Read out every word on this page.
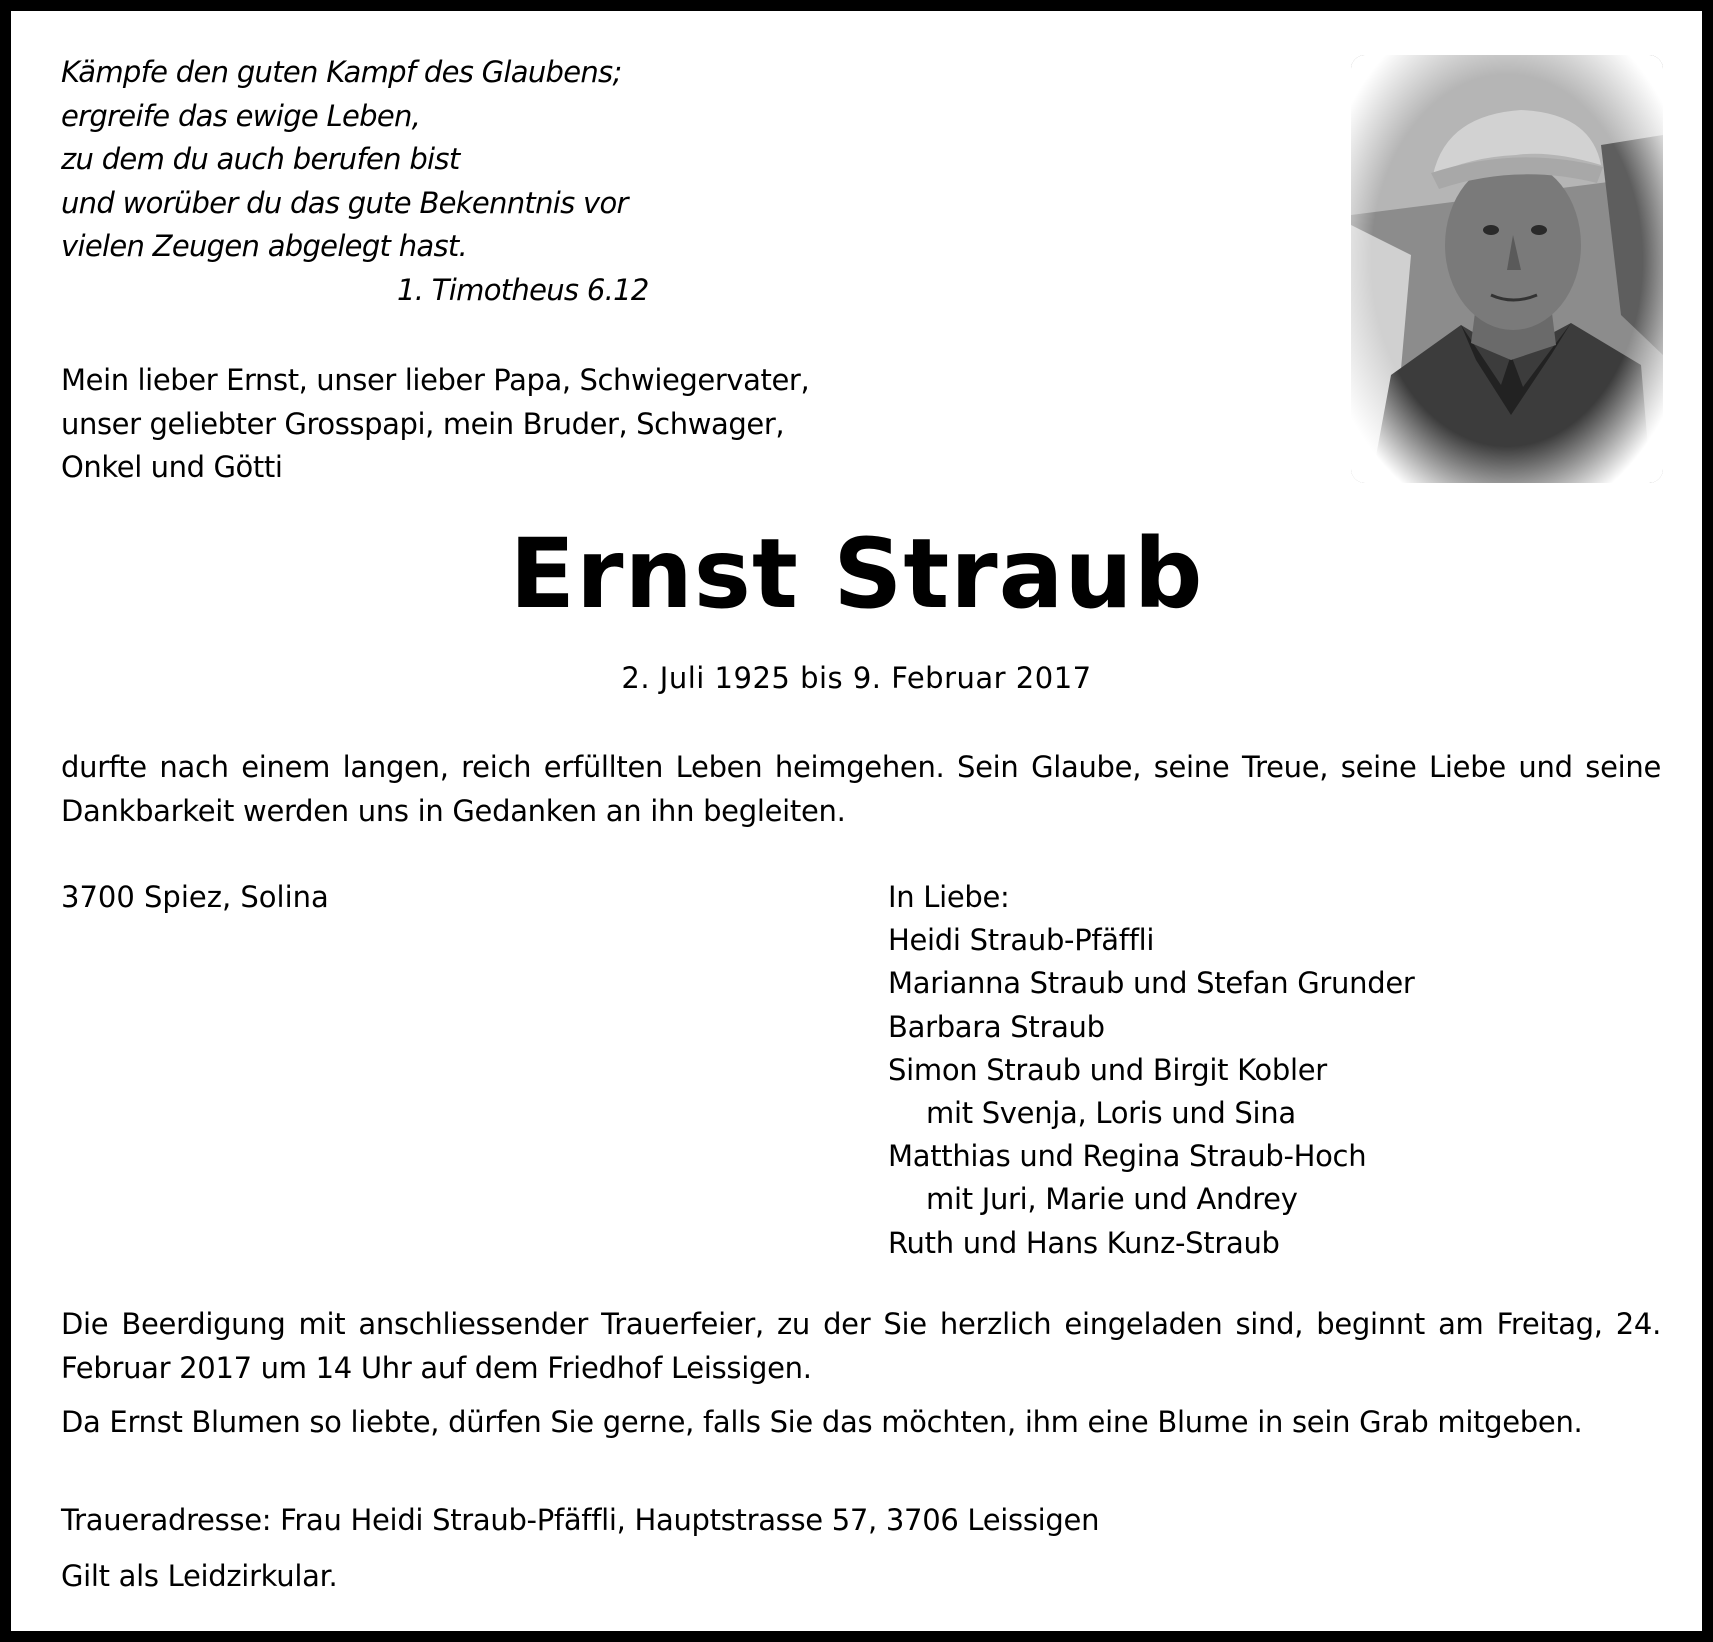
Kämpfe den guten Kampf des Glaubens;
ergreife das ewige Leben,
zu dem du auch berufen bist
und worüber du das gute Bekenntnis vor
vielen Zeugen abgelegt hast.
1. Timotheus 6.12
Mein lieber Ernst, unser lieber Papa, Schwiegervater,
unser geliebter Grosspapi, mein Bruder, Schwager,
Onkel und Götti
Ernst Straub
2. Juli 1925 bis 9. Februar 2017
durfte nach einem langen, reich erfüllten Leben heimgehen. Sein Glaube, seine Treue, seine Liebe und seine Dankbarkeit werden uns in Gedanken an ihn begleiten.
3700 Spiez, Solina	In Liebe:
Heidi Straub-Pfäffli
Marianna Straub und Stefan Grunder
Barbara Straub
Simon Straub und Birgit Kobler
mit Svenja, Loris und Sina
Matthias und Regina Straub-Hoch
mit Juri, Marie und Andrey
Ruth und Hans Kunz-Straub
Die Beerdigung mit anschliessender Trauerfeier, zu der Sie herzlich eingeladen sind, beginnt am Freitag, 24. Februar 2017 um 14 Uhr auf dem Friedhof Leissigen.
Da Ernst Blumen so liebte, dürfen Sie gerne, falls Sie das möchten, ihm eine Blume in sein Grab mitgeben.
Traueradresse: Frau Heidi Straub-Pfäffli, Hauptstrasse 57, 3706 Leissigen
Gilt als Leidzirkular.
